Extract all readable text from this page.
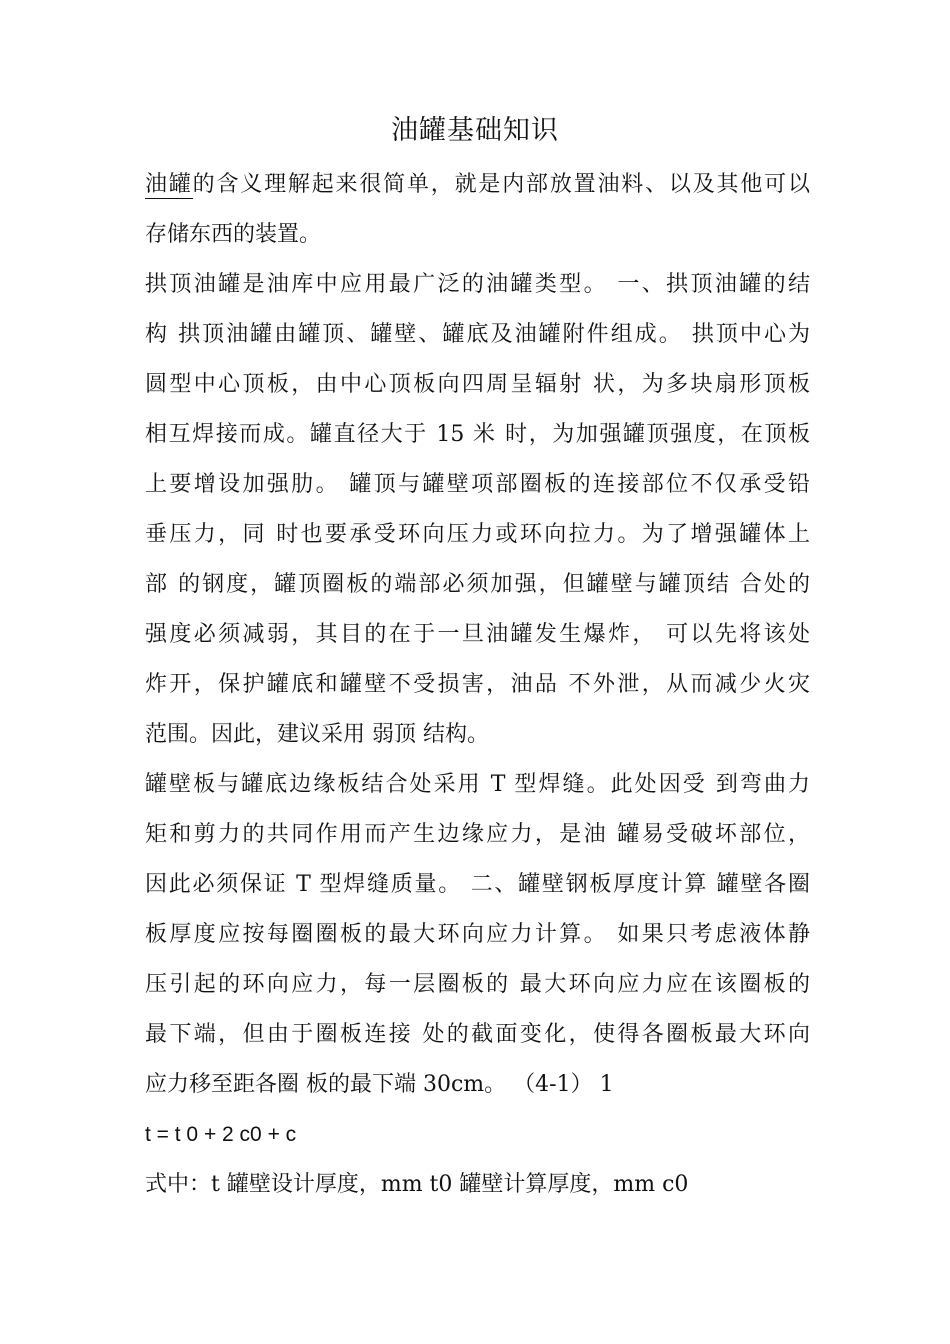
油罐基础知识
油罐的含义理解起来很简单，就是内部放置油料、以及其他可以
存储东西的装置。
拱顶油罐是油库中应用最广泛的油罐类型。 一、拱顶油罐的结
构 拱顶油罐由罐顶、罐壁、罐底及油罐附件组成。 拱顶中心为
圆型中心顶板，由中心顶板向四周呈辐射 状，为多块扇形顶板
相互焊接而成。罐直径大于 15 米 时，为加强罐顶强度，在顶板
上要增设加强肋。 罐顶与罐壁项部圈板的连接部位不仅承受铅
垂压力，同 时也要承受环向压力或环向拉力。为了增强罐体上
部 的钢度，罐顶圈板的端部必须加强，但罐壁与罐顶结 合处的
强度必须减弱，其目的在于一旦油罐发生爆炸， 可以先将该处
炸开，保护罐底和罐壁不受损害，油品 不外泄，从而减少火灾
范围。因此，建议采用 弱顶 结构。
罐壁板与罐底边缘板结合处采用 T 型焊缝。此处因受 到弯曲力
矩和剪力的共同作用而产生边缘应力，是油 罐易受破坏部位，
因此必须保证 T 型焊缝质量。 二、罐壁钢板厚度计算 罐壁各圈
板厚度应按每圈圈板的最大环向应力计算。 如果只考虑液体静
压引起的环向应力，每一层圈板的 最大环向应力应在该圈板的
最下端，但由于圈板连接 处的截面变化，使得各圈板最大环向
应力移至距各圈 板的最下端 30cm。 （4-1） 1
t = t 0 + 2 c0 + c
式中：t 罐壁设计厚度，mm t0 罐壁计算厚度，mm c0
